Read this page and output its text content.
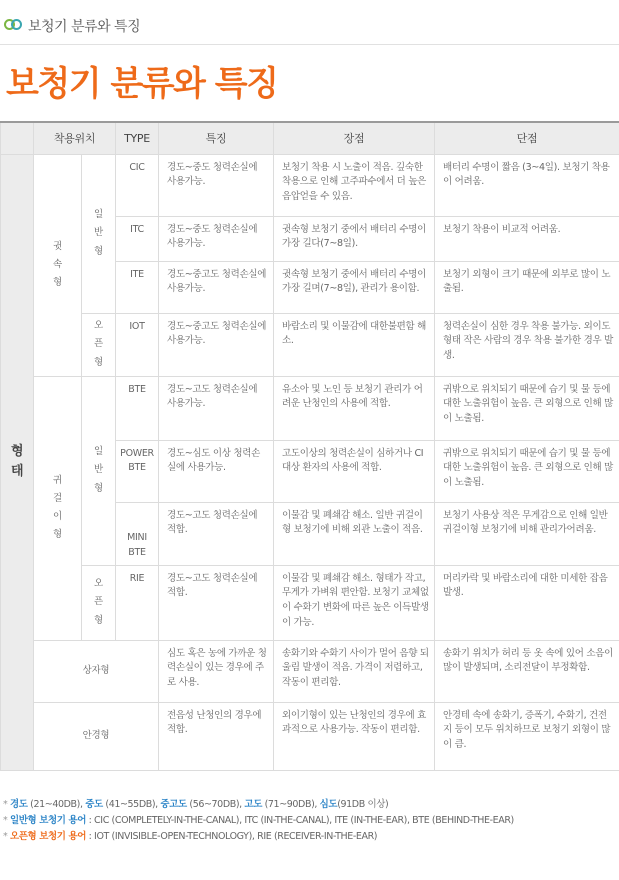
보청기 분류와 특징
보청기 분류와 특징
	착용위치		TYPE	특징	장점	단점
형 태	귓속형	일반형	CIC	경도~중도 청력손실에 사용가능.	보청기 착용 시 노출이 적음. 깊숙한 착용으로 인해 고주파수에서 더 높은 음압얻을 수 있음.	배터리 수명이 짧음 (3~4일). 보청기 착용이 어려움.
			ITC	경도~중도 청력손실에 사용가능.	귓속형 보청기 중에서 배터리 수명이 가장 길다(7~8일).	보청기 착용이 비교적 어려움.
			ITE	경도~중고도 청력손실에 사용가능.	귓속형 보청기 중에서 배터리 수명이 가장 길며(7~8일), 관리가 용이함.	보청기 외형이 크기 때문에 외부로 많이 노출됨.
		오픈형	IOT	경도~중고도 청력손실에 사용가능.	바람소리 및 이물감에 대한불편함 해소.	청력손실이 심한 경우 착용 불가능. 외이도 형태 작은 사람의 경우 착용 불가한 경우 발생.
	귀걸이형	일반형	BTE	경도~고도 청력손실에 사용가능.	유소아 및 노인 등 보청기 관리가 어려운 난청인의 사용에 적합.	귀밖으로 위치되기 때문에 습기 및 물 등에 대한 노출위험이 높음. 큰 외형으로 인해 많이 노출됨.
			POWER BTE	경도~심도 이상 청력손실에 사용가능.	고도이상의 청력손실이 심하거나 CI대상 환자의 사용에 적합.	귀밖으로 위치되기 때문에 습기 및 물 등에 대한 노출위험이 높음. 큰 외형으로 인해 많이 노출됨.
			MINI BTE	경도~고도 청력손실에 적합.	이물감 및 폐쇄감 해소. 일반 귀걸이형 보청기에 비해 외관 노출이 적음.	보청기 사용상 적은 무게감으로 인해 일반 귀걸이형 보청기에 비해 관리가어려움.
		오픈형	RIE	경도~고도 청력손실에 적합.	이물감 및 폐쇄감 해소. 형태가 작고, 무게가 가벼워 편안함. 보청기 교체없이 수화기 변화에 따른 높은 이득발생이 가능.	머리카락 및 바람소리에 대한 미세한 잡음 발생.
	상자형			심도 혹은 농에 가까운 청력손실이 있는 경우에 주로 사용.	송화기와 수화기 사이가 멀어 음향 되울림 발생이 적음. 가격이 저렴하고, 작동이 편리함.	송화기 위치가 허리 등 옷 속에 있어 소음이 많이 발생되며, 소리전달이 부정확함.
	안경형			전음성 난청인의 경우에 적합.	외이기형이 있는 난청인의 경우에 효과적으로 사용가능. 작동이 편리함.	안경테 속에 송화기, 증폭기, 수화기, 건전지 등이 모두 위치하므로 보청기 외형이 많이 큼.
* 경도 (21~40DB), 중도 (41~55DB), 중고도 (56~70DB), 고도 (71~90DB), 심도(91DB 이상)
* 일반형 보청기 용어 : CIC (COMPLETELY-IN-THE-CANAL), ITC (IN-THE-CANAL), ITE (IN-THE-EAR), BTE (BEHIND-THE-EAR)
* 오픈형 보청기 용어 : IOT (INVISIBLE-OPEN-TECHNOLOGY), RIE (RECEIVER-IN-THE-EAR)
